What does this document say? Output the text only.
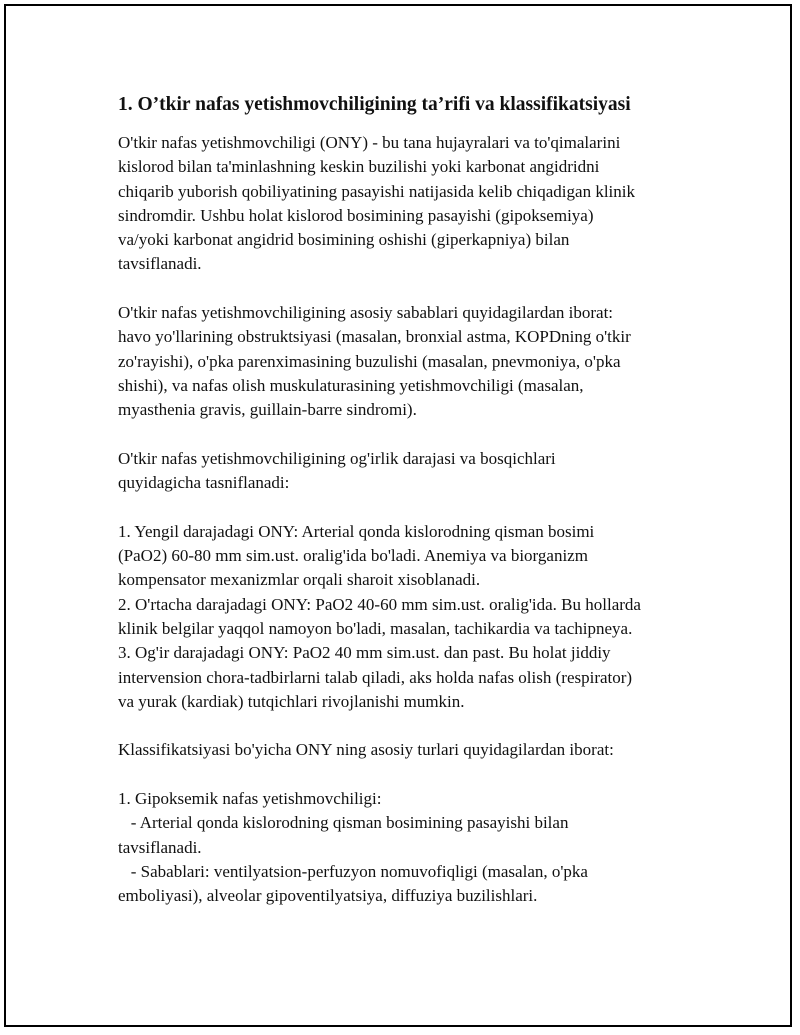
1. O’tkir nafas yetishmovchiligining ta’rifi va klassifikatsiyasi

O'tkir nafas yetishmovchiligi (ONY) - bu tana hujayralari va to'qimalarini
kislorod bilan ta'minlashning keskin buzilishi yoki karbonat angidridni
chiqarib yuborish qobiliyatining pasayishi natijasida kelib chiqadigan klinik
sindromdir. Ushbu holat kislorod bosimining pasayishi (gipoksemiya)
va/yoki karbonat angidrid bosimining oshishi (giperkapniya) bilan
tavsiflanadi.

O'tkir nafas yetishmovchiligining asosiy sabablari quyidagilardan iborat:
havo yo'llarining obstruktsiyasi (masalan, bronxial astma, KOPDning o'tkir
zo'rayishi), o'pka parenximasining buzulishi (masalan, pnevmoniya, o'pka
shishi), va nafas olish muskulaturasining yetishmovchiligi (masalan,
myasthenia gravis, guillain-barre sindromi).

O'tkir nafas yetishmovchiligining og'irlik darajasi va bosqichlari
quyidagicha tasniflanadi:

1. Yengil darajadagi ONY: Arterial qonda kislorodning qisman bosimi
(PaO2) 60-80 mm sim.ust. oralig'ida bo'ladi. Anemiya va biorganizm
kompensator mexanizmlar orqali sharoit xisoblanadi.
2. O'rtacha darajadagi ONY: PaO2 40-60 mm sim.ust. oralig'ida. Bu hollarda
klinik belgilar yaqqol namoyon bo'ladi, masalan, tachikardia va tachipneya.
3. Og'ir darajadagi ONY: PaO2 40 mm sim.ust. dan past. Bu holat jiddiy
intervension chora-tadbirlarni talab qiladi, aks holda nafas olish (respirator)
va yurak (kardiak) tutqichlari rivojlanishi mumkin.

Klassifikatsiyasi bo'yicha ONY ning asosiy turlari quyidagilardan iborat:

1. Gipoksemik nafas yetishmovchiligi:
- Arterial qonda kislorodning qisman bosimining pasayishi bilan
tavsiflanadi.
- Sabablari: ventilyatsion-perfuzyon nomuvofiqligi (masalan, o'pka
emboliyasi), alveolar gipoventilyatsiya, diffuziya buzilishlari.
